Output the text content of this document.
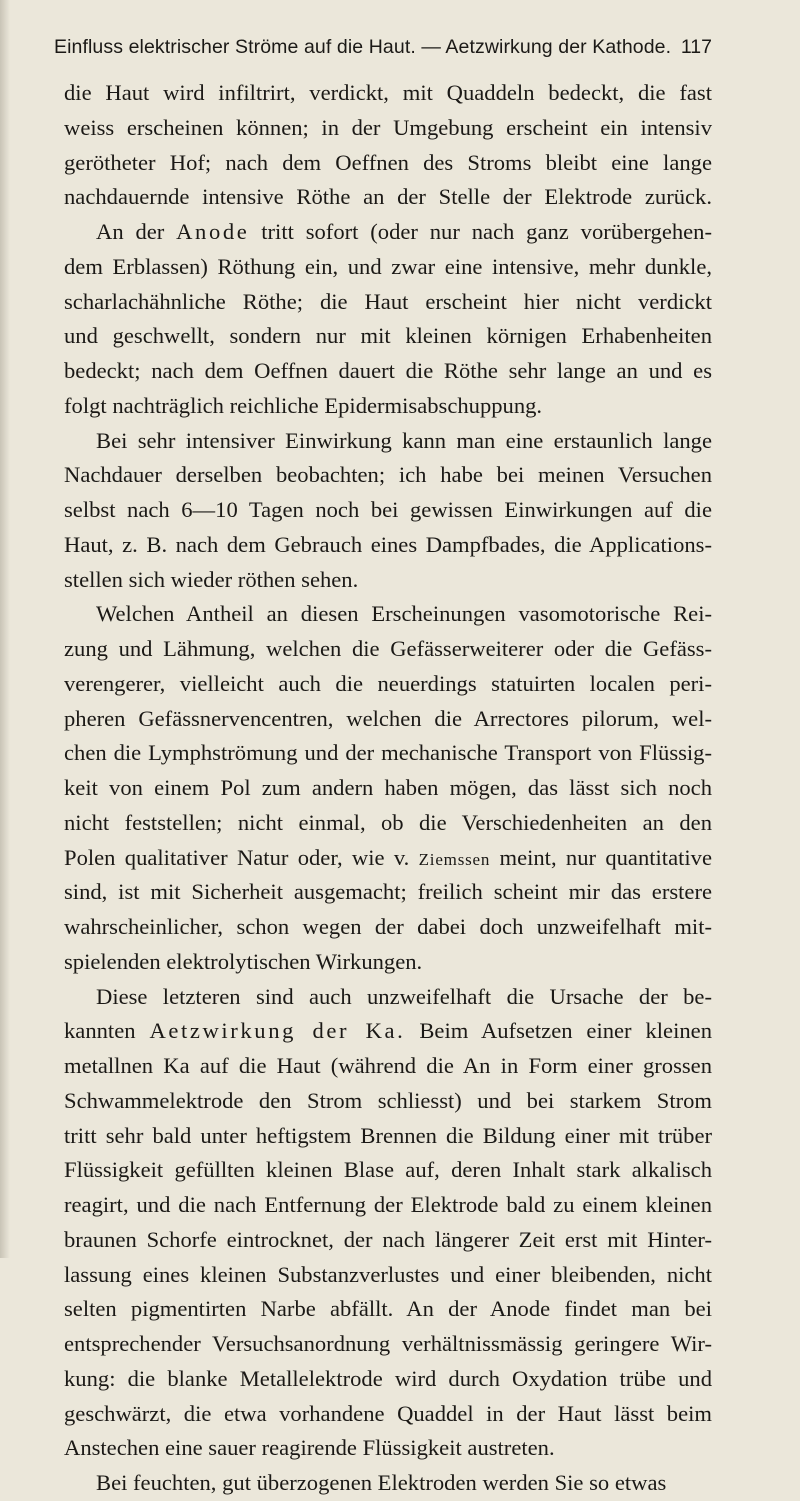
Einfluss elektrischer Ströme auf die Haut. — Aetzwirkung der Kathode. 117
die Haut wird infiltrirt, verdickt, mit Quaddeln bedeckt, die fast
weiss erscheinen können; in der Umgebung erscheint ein intensiv
gerötheter Hof; nach dem Oeffnen des Stroms bleibt eine lange
nachdauernde intensive Röthe an der Stelle der Elektrode zurück.
An der Anode tritt sofort (oder nur nach ganz vorübergehen-
dem Erblassen) Röthung ein, und zwar eine intensive, mehr dunkle,
scharlachähnliche Röthe; die Haut erscheint hier nicht verdickt
und geschwellt, sondern nur mit kleinen körnigen Erhabenheiten
bedeckt; nach dem Oeffnen dauert die Röthe sehr lange an und es
folgt nachträglich reichliche Epidermisabschuppung.
Bei sehr intensiver Einwirkung kann man eine erstaunlich lange
Nachdauer derselben beobachten; ich habe bei meinen Versuchen
selbst nach 6—10 Tagen noch bei gewissen Einwirkungen auf die
Haut, z. B. nach dem Gebrauch eines Dampfbades, die Applications-
stellen sich wieder röthen sehen.
Welchen Antheil an diesen Erscheinungen vasomotorische Rei-
zung und Lähmung, welchen die Gefässerweiterer oder die Gefäss-
verengerer, vielleicht auch die neuerdings statuirten localen peri-
pheren Gefässnervencentren, welchen die Arrectores pilorum, wel-
chen die Lymphströmung und der mechanische Transport von Flüssig-
keit von einem Pol zum andern haben mögen, das lässt sich noch
nicht feststellen; nicht einmal, ob die Verschiedenheiten an den
Polen qualitativer Natur oder, wie v. Ziemssen meint, nur quantitative
sind, ist mit Sicherheit ausgemacht; freilich scheint mir das erstere
wahrscheinlicher, schon wegen der dabei doch unzweifelhaft mit-
spielenden elektrolytischen Wirkungen.
Diese letzteren sind auch unzweifelhaft die Ursache der be-
kannten Aetzwirkung der Ka. Beim Aufsetzen einer kleinen
metallnen Ka auf die Haut (während die An in Form einer grossen
Schwammelektrode den Strom schliesst) und bei starkem Strom
tritt sehr bald unter heftigstem Brennen die Bildung einer mit trüber
Flüssigkeit gefüllten kleinen Blase auf, deren Inhalt stark alkalisch
reagirt, und die nach Entfernung der Elektrode bald zu einem kleinen
braunen Schorfe eintrocknet, der nach längerer Zeit erst mit Hinter-
lassung eines kleinen Substanzverlustes und einer bleibenden, nicht
selten pigmentirten Narbe abfällt. An der Anode findet man bei
entsprechender Versuchsanordnung verhältnissmässig geringere Wir-
kung: die blanke Metallelektrode wird durch Oxydation trübe und
geschwärzt, die etwa vorhandene Quaddel in der Haut lässt beim
Anstechen eine sauer reagirende Flüssigkeit austreten.
Bei feuchten, gut überzogenen Elektroden werden Sie so etwas
